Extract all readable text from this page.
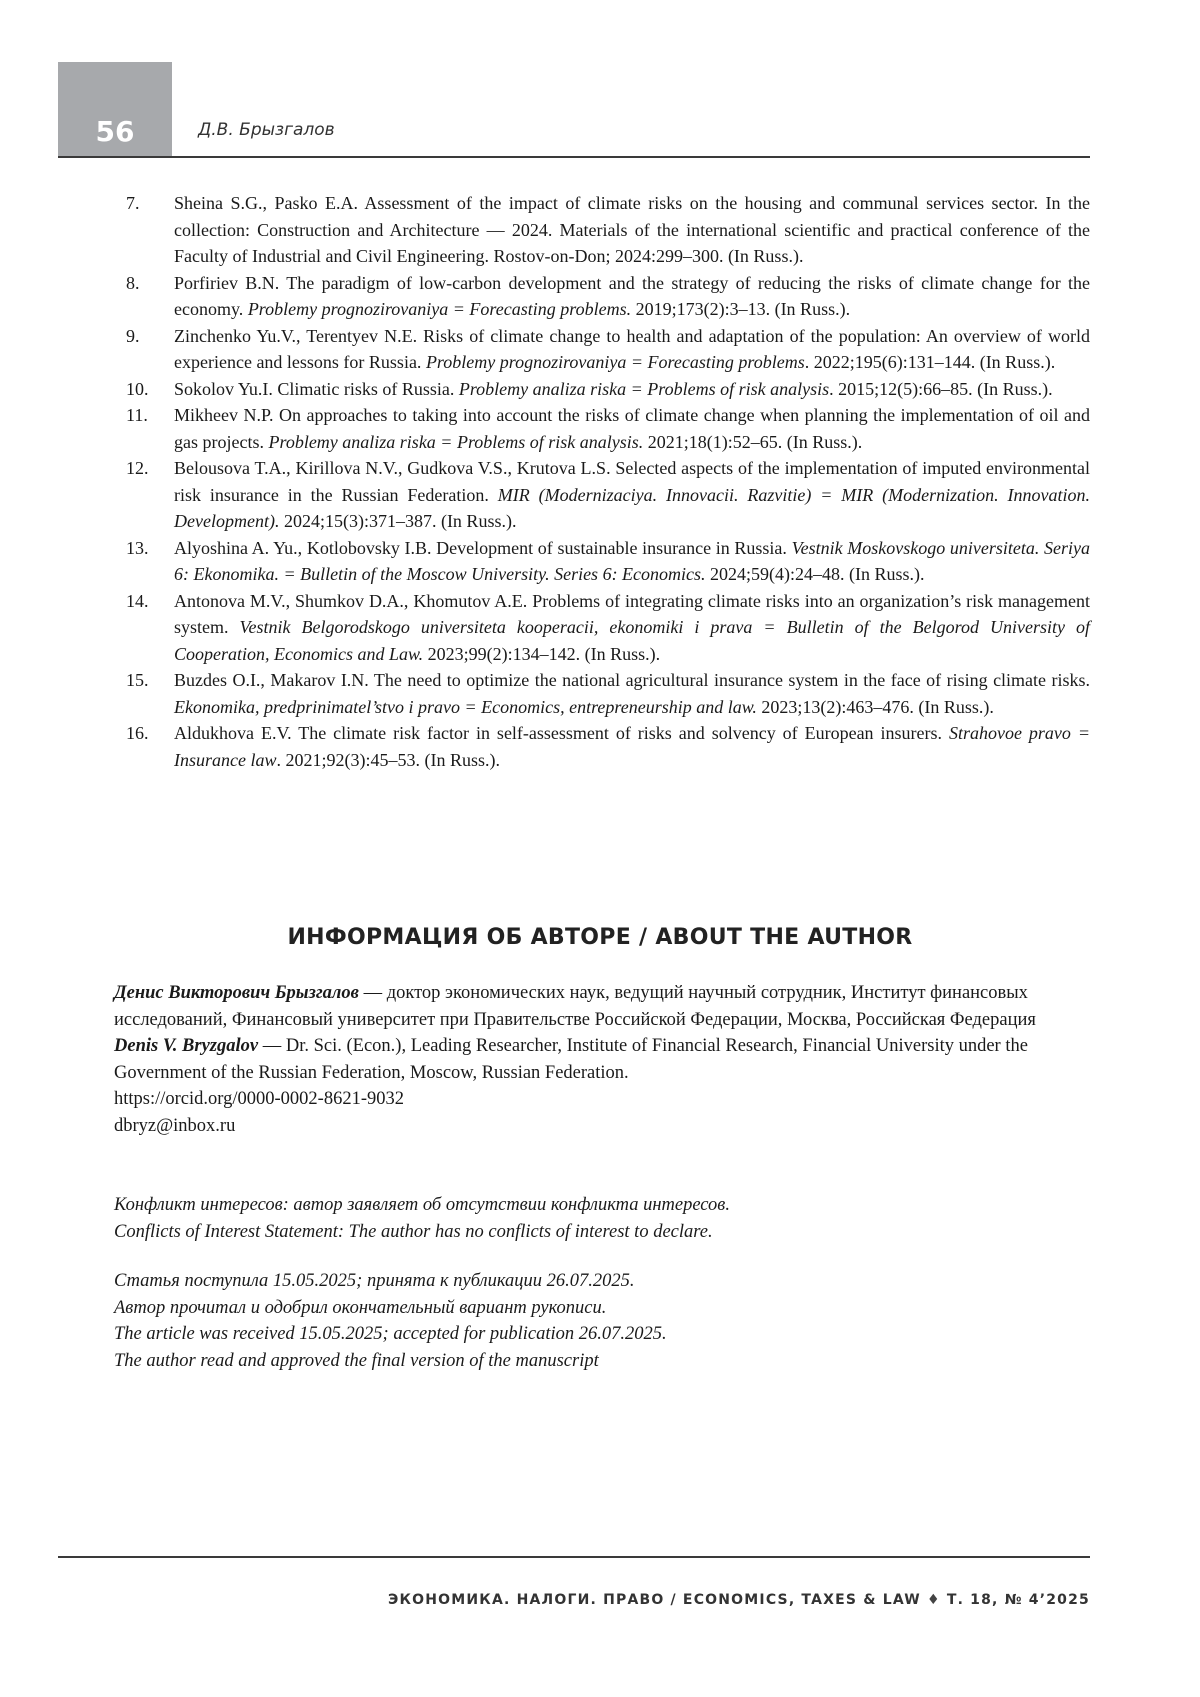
56	Д.В. Брызгалов
7.	Sheina S.G., Pasko E.A. Assessment of the impact of climate risks on the housing and communal services sector. In the collection: Construction and Architecture — 2024. Materials of the international scientific and practical conference of the Faculty of Industrial and Civil Engineering. Rostov-on-Don; 2024:299–300. (In Russ.).
8.	Porfiriev B.N. The paradigm of low-carbon development and the strategy of reducing the risks of climate change for the economy. Problemy prognozirovaniya = Forecasting problems. 2019;173(2):3–13. (In Russ.).
9.	Zinchenko Yu.V., Terentyev N.E. Risks of climate change to health and adaptation of the population: An overview of world experience and lessons for Russia. Problemy prognozirovaniya = Forecasting problems. 2022;195(6):131–144. (In Russ.).
10.	Sokolov Yu.I. Climatic risks of Russia. Problemy analiza riska = Problems of risk analysis. 2015;12(5):66–85. (In Russ.).
11.	Mikheev N.P. On approaches to taking into account the risks of climate change when planning the implementation of oil and gas projects. Problemy analiza riska = Problems of risk analysis. 2021;18(1):52–65. (In Russ.).
12.	Belousova T.A., Kirillova N.V., Gudkova V.S., Krutova L.S. Selected aspects of the implementation of imputed environmental risk insurance in the Russian Federation. MIR (Modernizaciya. Innovacii. Razvitie) = MIR (Modernization. Innovation. Development). 2024;15(3):371–387. (In Russ.).
13.	Alyoshina A. Yu., Kotlobovsky I.B. Development of sustainable insurance in Russia. Vestnik Moskovskogo universiteta. Seriya 6: Ekonomika. = Bulletin of the Moscow University. Series 6: Economics. 2024;59(4):24–48. (In Russ.).
14.	Antonova M.V., Shumkov D.A., Khomutov A.E. Problems of integrating climate risks into an organization’s risk management system. Vestnik Belgorodskogo universiteta kooperacii, ekonomiki i prava = Bulletin of the Belgorod University of Cooperation, Economics and Law. 2023;99(2):134–142. (In Russ.).
15.	Buzdes O.I., Makarov I.N. The need to optimize the national agricultural insurance system in the face of rising climate risks. Ekonomika, predprinimatel’stvo i pravo = Economics, entrepreneurship and law. 2023;13(2):463–476. (In Russ.).
16.	Aldukhova E.V. The climate risk factor in self-assessment of risks and solvency of European insurers. Strahovoe pravo = Insurance law. 2021;92(3):45–53. (In Russ.).
ИНФОРМАЦИЯ ОБ АВТОРЕ / ABOUT THE AUTHOR

Денис Викторович Брызгалов — доктор экономических наук, ведущий научный сотрудник, Институт финансовых исследований, Финансовый университет при Правительстве Российской Федерации, Москва, Российская Федерация

Denis V. Bryzgalov — Dr. Sci. (Econ.), Leading Researcher, Institute of Financial Research, Financial University under the Government of the Russian Federation, Moscow, Russian Federation.

https://orcid.org/0000-0002-8621-9032

dbryz@inbox.ru

Конфликт интересов: автор заявляет об отсутствии конфликта интересов.

Conflicts of Interest Statement: The author has no conflicts of interest to declare.

Статья поступила 15.05.2025; принята к публикации 26.07.2025.

Автор прочитал и одобрил окончательный вариант рукописи.

The article was received 15.05.2025; accepted for publication 26.07.2025.

The author read and approved the final version of the manuscript

ЭКОНОМИКА. НАЛОГИ. ПРАВО / ECONOMICS, TAXES & LAW ♦ Т. 18, № 4’2025
